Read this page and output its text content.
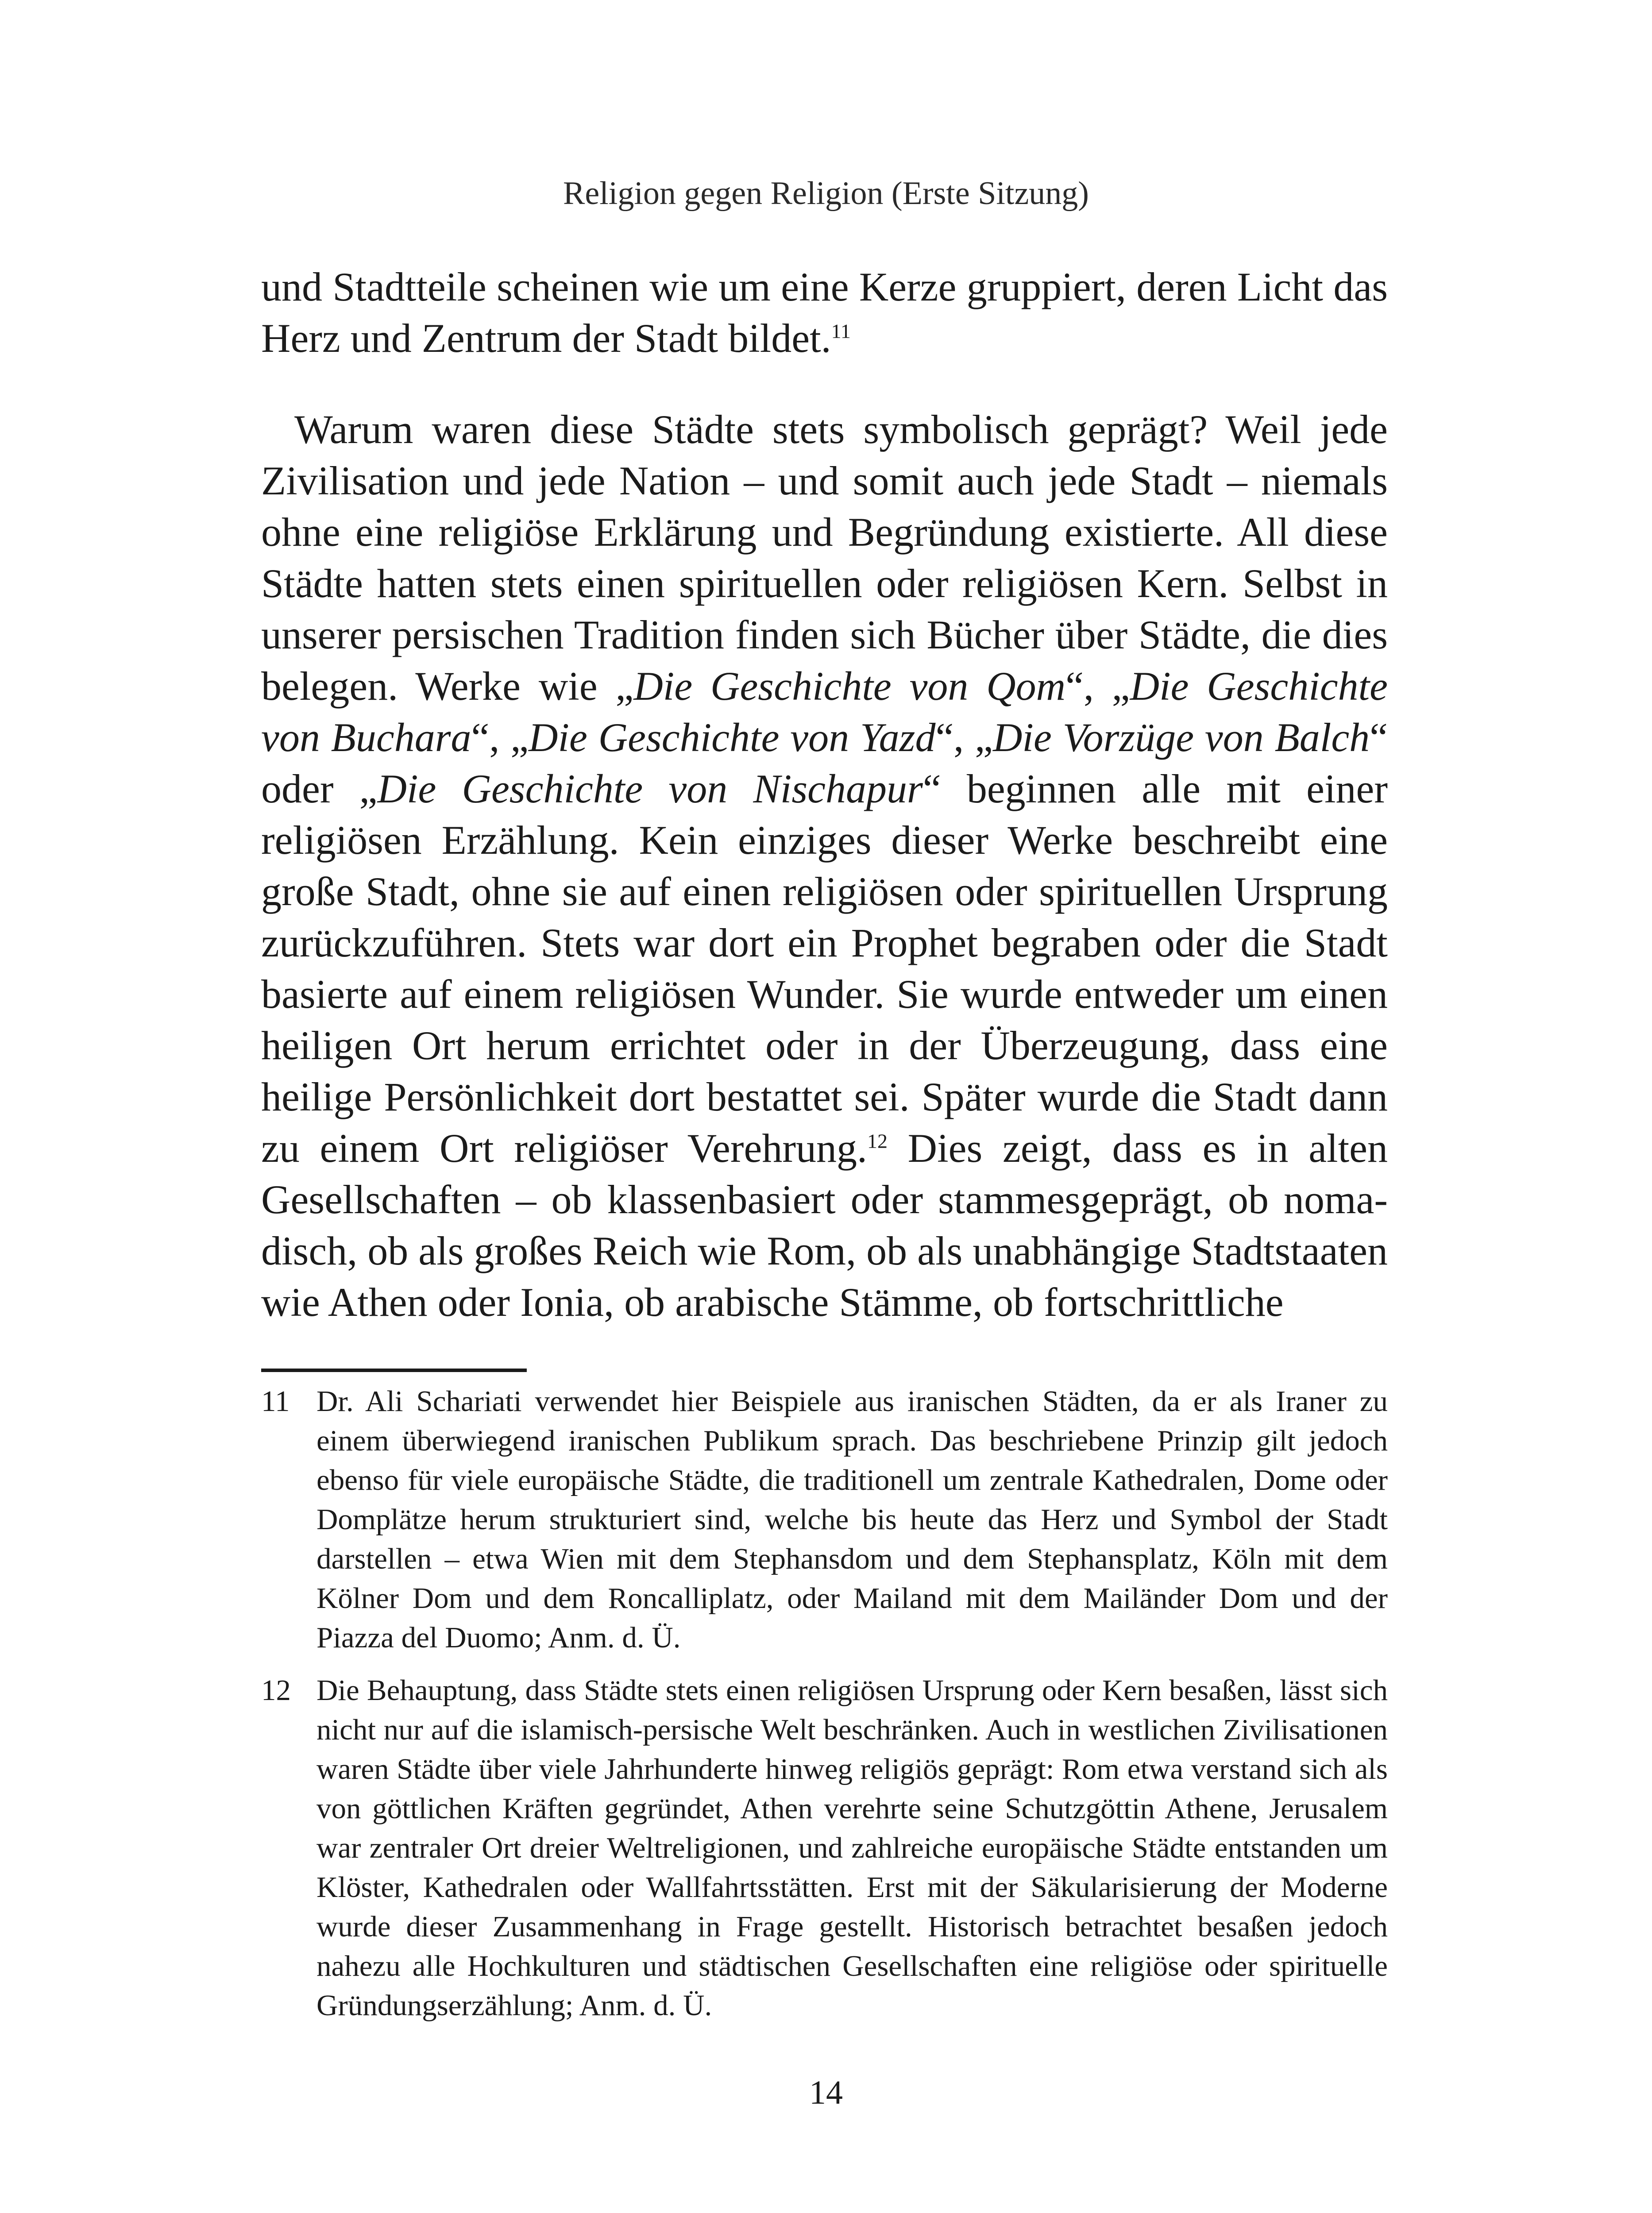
Religion gegen Religion (Erste Sitzung)

und Stadtteile scheinen wie um eine Kerze gruppiert, deren Licht das Herz und Zentrum der Stadt bildet.$^{11}$

Warum waren diese Städte stets symbolisch geprägt? Weil jede Zivilisation und jede Nation – und somit auch jede Stadt – niemals ohne eine religiöse Erklärung und Begründung existierte. All diese Städte hatten stets einen spirituellen oder religiösen Kern. Selbst in unserer persischen Tradition finden sich Bücher über Städte, die dies belegen. Werke wie „Die Geschichte von Qom“, „Die Geschichte von Buchara“, „Die Geschichte von Yazd“, „Die Vorzüge von Balch“ oder „Die Geschichte von Nischapur“ beginnen alle mit einer religiösen Erzählung. Kein einziges dieser Werke beschreibt eine große Stadt, ohne sie auf einen religiösen oder spirituellen Ursprung zurückzuführen. Stets war dort ein Prophet begraben oder die Stadt basierte auf einem religiösen Wunder. Sie wurde entweder um einen heiligen Ort herum errichtet oder in der Überzeugung, dass eine heilige Persönlichkeit dort bestattet sei. Später wurde die Stadt dann zu einem Ort religiöser Verehrung.$^{12}$ Dies zeigt, dass es in alten Gesellschaften – ob klassenbasiert oder stammesgeprägt, ob nomadisch, ob als großes Reich wie Rom, ob als unabhängige Stadtstaaten wie Athen oder Ionia, ob arabische Stämme, ob fortschrittliche

11 Dr. Ali Schariati verwendet hier Beispiele aus iranischen Städten, da er als Iraner zu einem überwiegend iranischen Publikum sprach. Das beschriebene Prinzip gilt jedoch ebenso für viele europäische Städte, die traditionell um zentrale Kathedralen, Dome oder Domplätze herum strukturiert sind, welche bis heute das Herz und Symbol der Stadt darstellen – etwa Wien mit dem Stephansdom und dem Stephansplatz, Köln mit dem Kölner Dom und dem Roncalliplatz, oder Mailand mit dem Mailänder Dom und der Piazza del Duomo; Anm. d. Ü.
12 Die Behauptung, dass Städte stets einen religiösen Ursprung oder Kern besaßen, lässt sich nicht nur auf die islamisch-persische Welt beschränken. Auch in westlichen Zivilisationen waren Städte über viele Jahrhunderte hinweg religiös geprägt: Rom etwa verstand sich als von göttlichen Kräften gegründet, Athen verehrte seine Schutzgöttin Athene, Jerusalem war zentraler Ort dreier Weltreligionen, und zahlreiche europäische Städte entstanden um Klöster, Kathedralen oder Wallfahrtsstätten. Erst mit der Säkularisierung der Moderne wurde dieser Zusammenhang in Frage gestellt. Historisch betrachtet besaßen jedoch nahezu alle Hochkulturen und städtischen Gesellschaften eine religiöse oder spirituelle Gründungserzählung; Anm. d. Ü.
14
